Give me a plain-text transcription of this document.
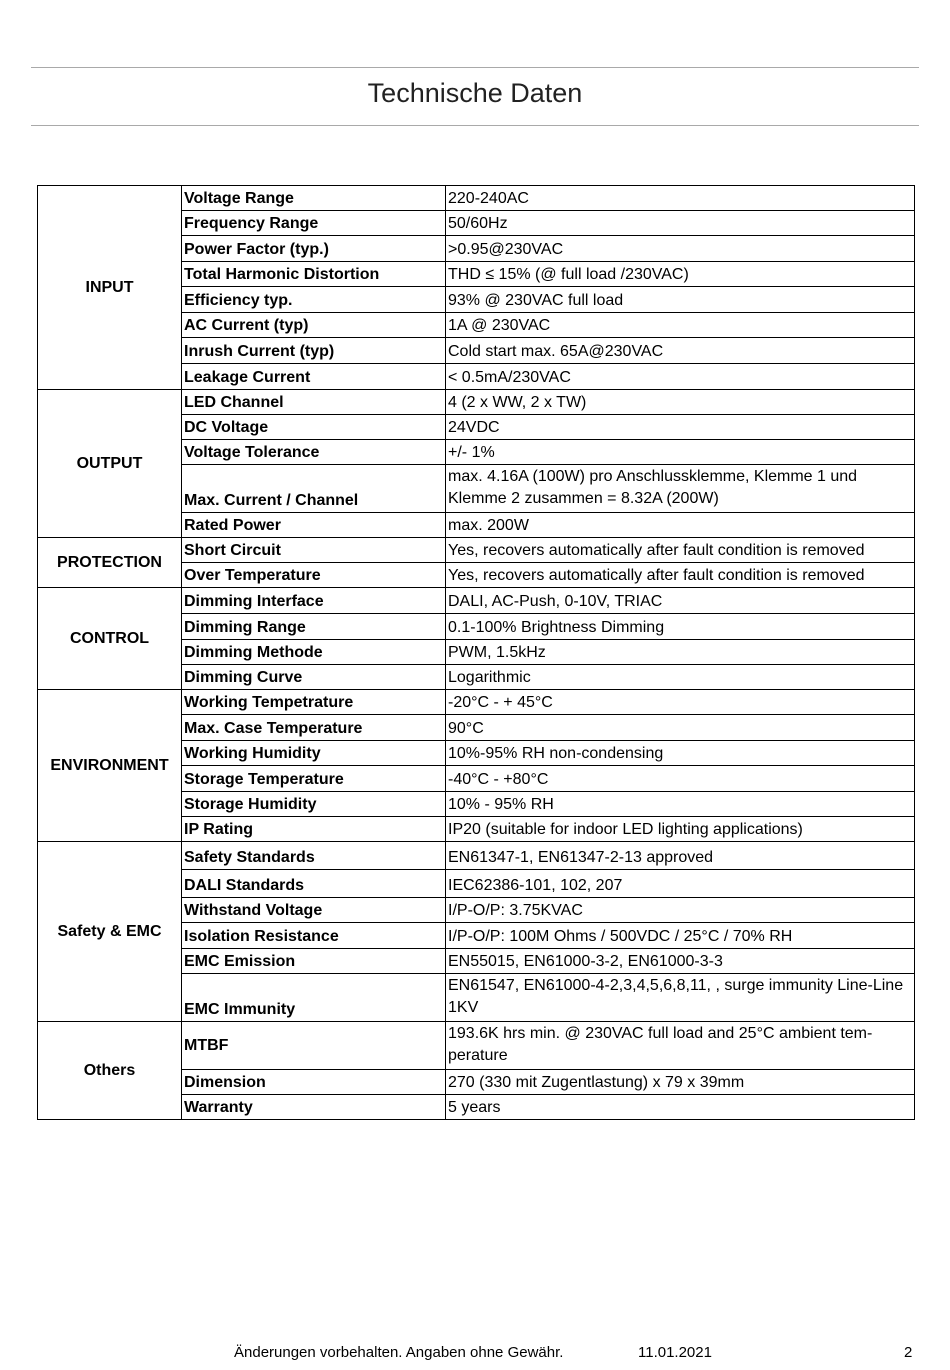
Technische Daten
INPUT	Voltage Range	220-240AC
	Frequency Range	50/60Hz
	Power Factor (typ.)	>0.95@230VAC
	Total Harmonic Distortion	THD ≤ 15% (@ full load /230VAC)
	Efficiency typ.	93% @ 230VAC full load
	AC Current (typ)	1A @ 230VAC
	Inrush Current (typ)	Cold start max. 65A@230VAC
	Leakage Current	< 0.5mA/230VAC
OUTPUT	LED Channel	4 (2 x WW, 2 x TW)
	DC Voltage	24VDC
	Voltage Tolerance	+/- 1%
	Max. Current / Channel	max. 4.16A (100W) pro Anschlussklemme, Klemme 1 und Klemme 2 zusammen = 8.32A (200W)
	Rated Power	max. 200W
PROTECTION	Short Circuit	Yes, recovers automatically after fault condition is removed
	Over Temperature	Yes, recovers automatically after fault condition is removed
CONTROL	Dimming Interface	DALI, AC-Push, 0-10V, TRIAC
	Dimming Range	0.1-100% Brightness Dimming
	Dimming Methode	PWM, 1.5kHz
	Dimming Curve	Logarithmic
ENVIRONMENT	Working Tempetrature	-20°C - + 45°C
	Max. Case Temperature	90°C
	Working Humidity	10%-95% RH non-condensing
	Storage Temperature	-40°C - +80°C
	Storage Humidity	10% - 95% RH
	IP Rating	IP20 (suitable for indoor LED lighting applications)
Safety & EMC	Safety Standards	EN61347-1, EN61347-2-13 approved
	DALI Standards	IEC62386-101, 102, 207
	Withstand Voltage	I/P-O/P: 3.75KVAC
	Isolation Resistance	I/P-O/P: 100M Ohms / 500VDC / 25°C / 70% RH
	EMC Emission	EN55015, EN61000-3-2, EN61000-3-3
	EMC Immunity	EN61547, EN61000-4-2,3,4,5,6,8,11, , surge immunity Line-Line 1KV
Others	MTBF	193.6K hrs min. @ 230VAC full load and 25°C ambient tem-perature
	Dimension	270 (330 mit Zugentlastung) x 79 x 39mm
	Warranty	5 years
Änderungen vorbehalten. Angaben ohne Gewähr.	11.01.2021	2
